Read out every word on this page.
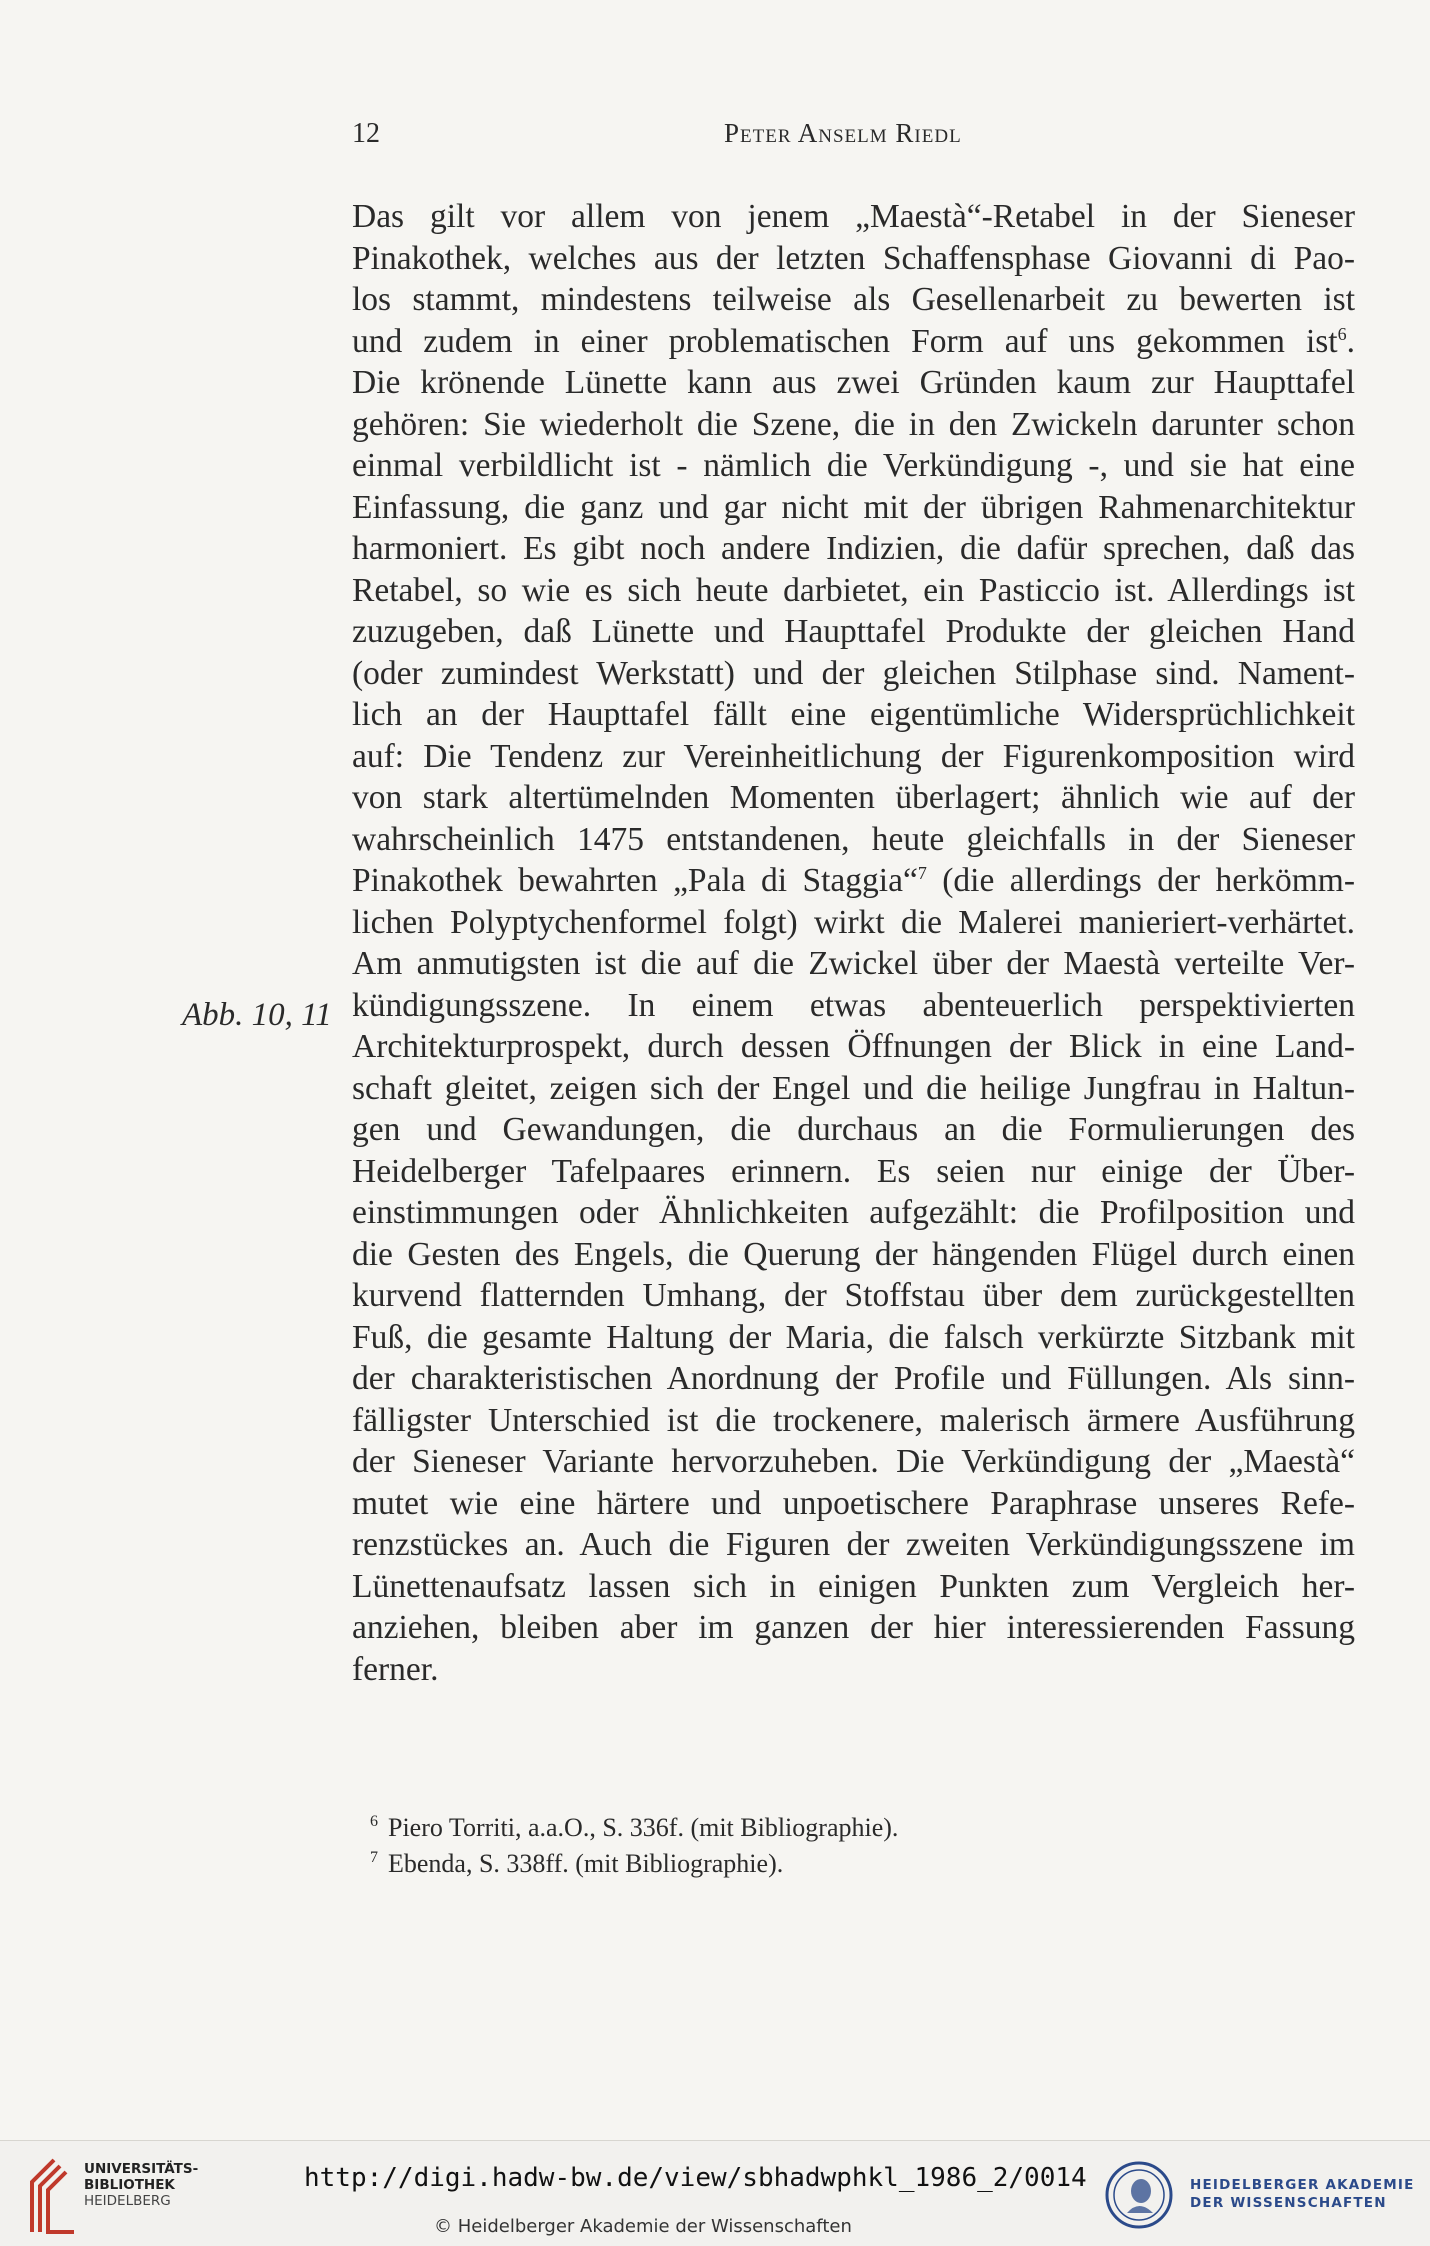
12	Peter Anselm Riedl
Abb. 10, 11
Das gilt vor allem von jenem „Maestà“-Retabel in der Sieneser
Pinakothek, welches aus der letzten Schaffensphase Giovanni di Pao-
los stammt, mindestens teilweise als Gesellenarbeit zu bewerten ist
und zudem in einer problematischen Form auf uns gekommen ist$^6$.
Die krönende Lünette kann aus zwei Gründen kaum zur Haupttafel
gehören: Sie wiederholt die Szene, die in den Zwickeln darunter schon
einmal verbildlicht ist - nämlich die Verkündigung -, und sie hat eine
Einfassung, die ganz und gar nicht mit der übrigen Rahmenarchitektur
harmoniert. Es gibt noch andere Indizien, die dafür sprechen, daß das
Retabel, so wie es sich heute darbietet, ein Pasticcio ist. Allerdings ist
zuzugeben, daß Lünette und Haupttafel Produkte der gleichen Hand
(oder zumindest Werkstatt) und der gleichen Stilphase sind. Nament-
lich an der Haupttafel fällt eine eigentümliche Widersprüchlichkeit
auf: Die Tendenz zur Vereinheitlichung der Figurenkomposition wird
von stark altertümelnden Momenten überlagert; ähnlich wie auf der
wahrscheinlich 1475 entstandenen, heute gleichfalls in der Sieneser
Pinakothek bewahrten „Pala di Staggia“$^7$ (die allerdings der herkömm-
lichen Polyptychenformel folgt) wirkt die Malerei manieriert-verhärtet.
Am anmutigsten ist die auf die Zwickel über der Maestà verteilte Ver-
kündigungsszene. In einem etwas abenteuerlich perspektivierten
Architekturprospekt, durch dessen Öffnungen der Blick in eine Land-
schaft gleitet, zeigen sich der Engel und die heilige Jungfrau in Haltun-
gen und Gewandungen, die durchaus an die Formulierungen des
Heidelberger Tafelpaares erinnern. Es seien nur einige der Über-
einstimmungen oder Ähnlichkeiten aufgezählt: die Profilposition und
die Gesten des Engels, die Querung der hängenden Flügel durch einen
kurvend flatternden Umhang, der Stoffstau über dem zurückgestellten
Fuß, die gesamte Haltung der Maria, die falsch verkürzte Sitzbank mit
der charakteristischen Anordnung der Profile und Füllungen. Als sinn-
fälligster Unterschied ist die trockenere, malerisch ärmere Ausführung
der Sieneser Variante hervorzuheben. Die Verkündigung der „Maestà“
mutet wie eine härtere und unpoetischere Paraphrase unseres Refe-
renzstückes an. Auch die Figuren der zweiten Verkündigungsszene im
Lünettenaufsatz lassen sich in einigen Punkten zum Vergleich her-
anziehen, bleiben aber im ganzen der hier interessierenden Fassung
ferner.
$^6$ Piero Torriti, a.a.O., S. 336f. (mit Bibliographie).
$^7$ Ebenda, S. 338ff. (mit Bibliographie).
UNIVERSITÄTS-
BIBLIOTHEK
HEIDELBERG
http://digi.hadw-bw.de/view/sbhadwphkl_1986_2/0014
© Heidelberger Akademie der Wissenschaften
HEIDELBERGER AKADEMIE
DER WISSENSCHAFTEN
